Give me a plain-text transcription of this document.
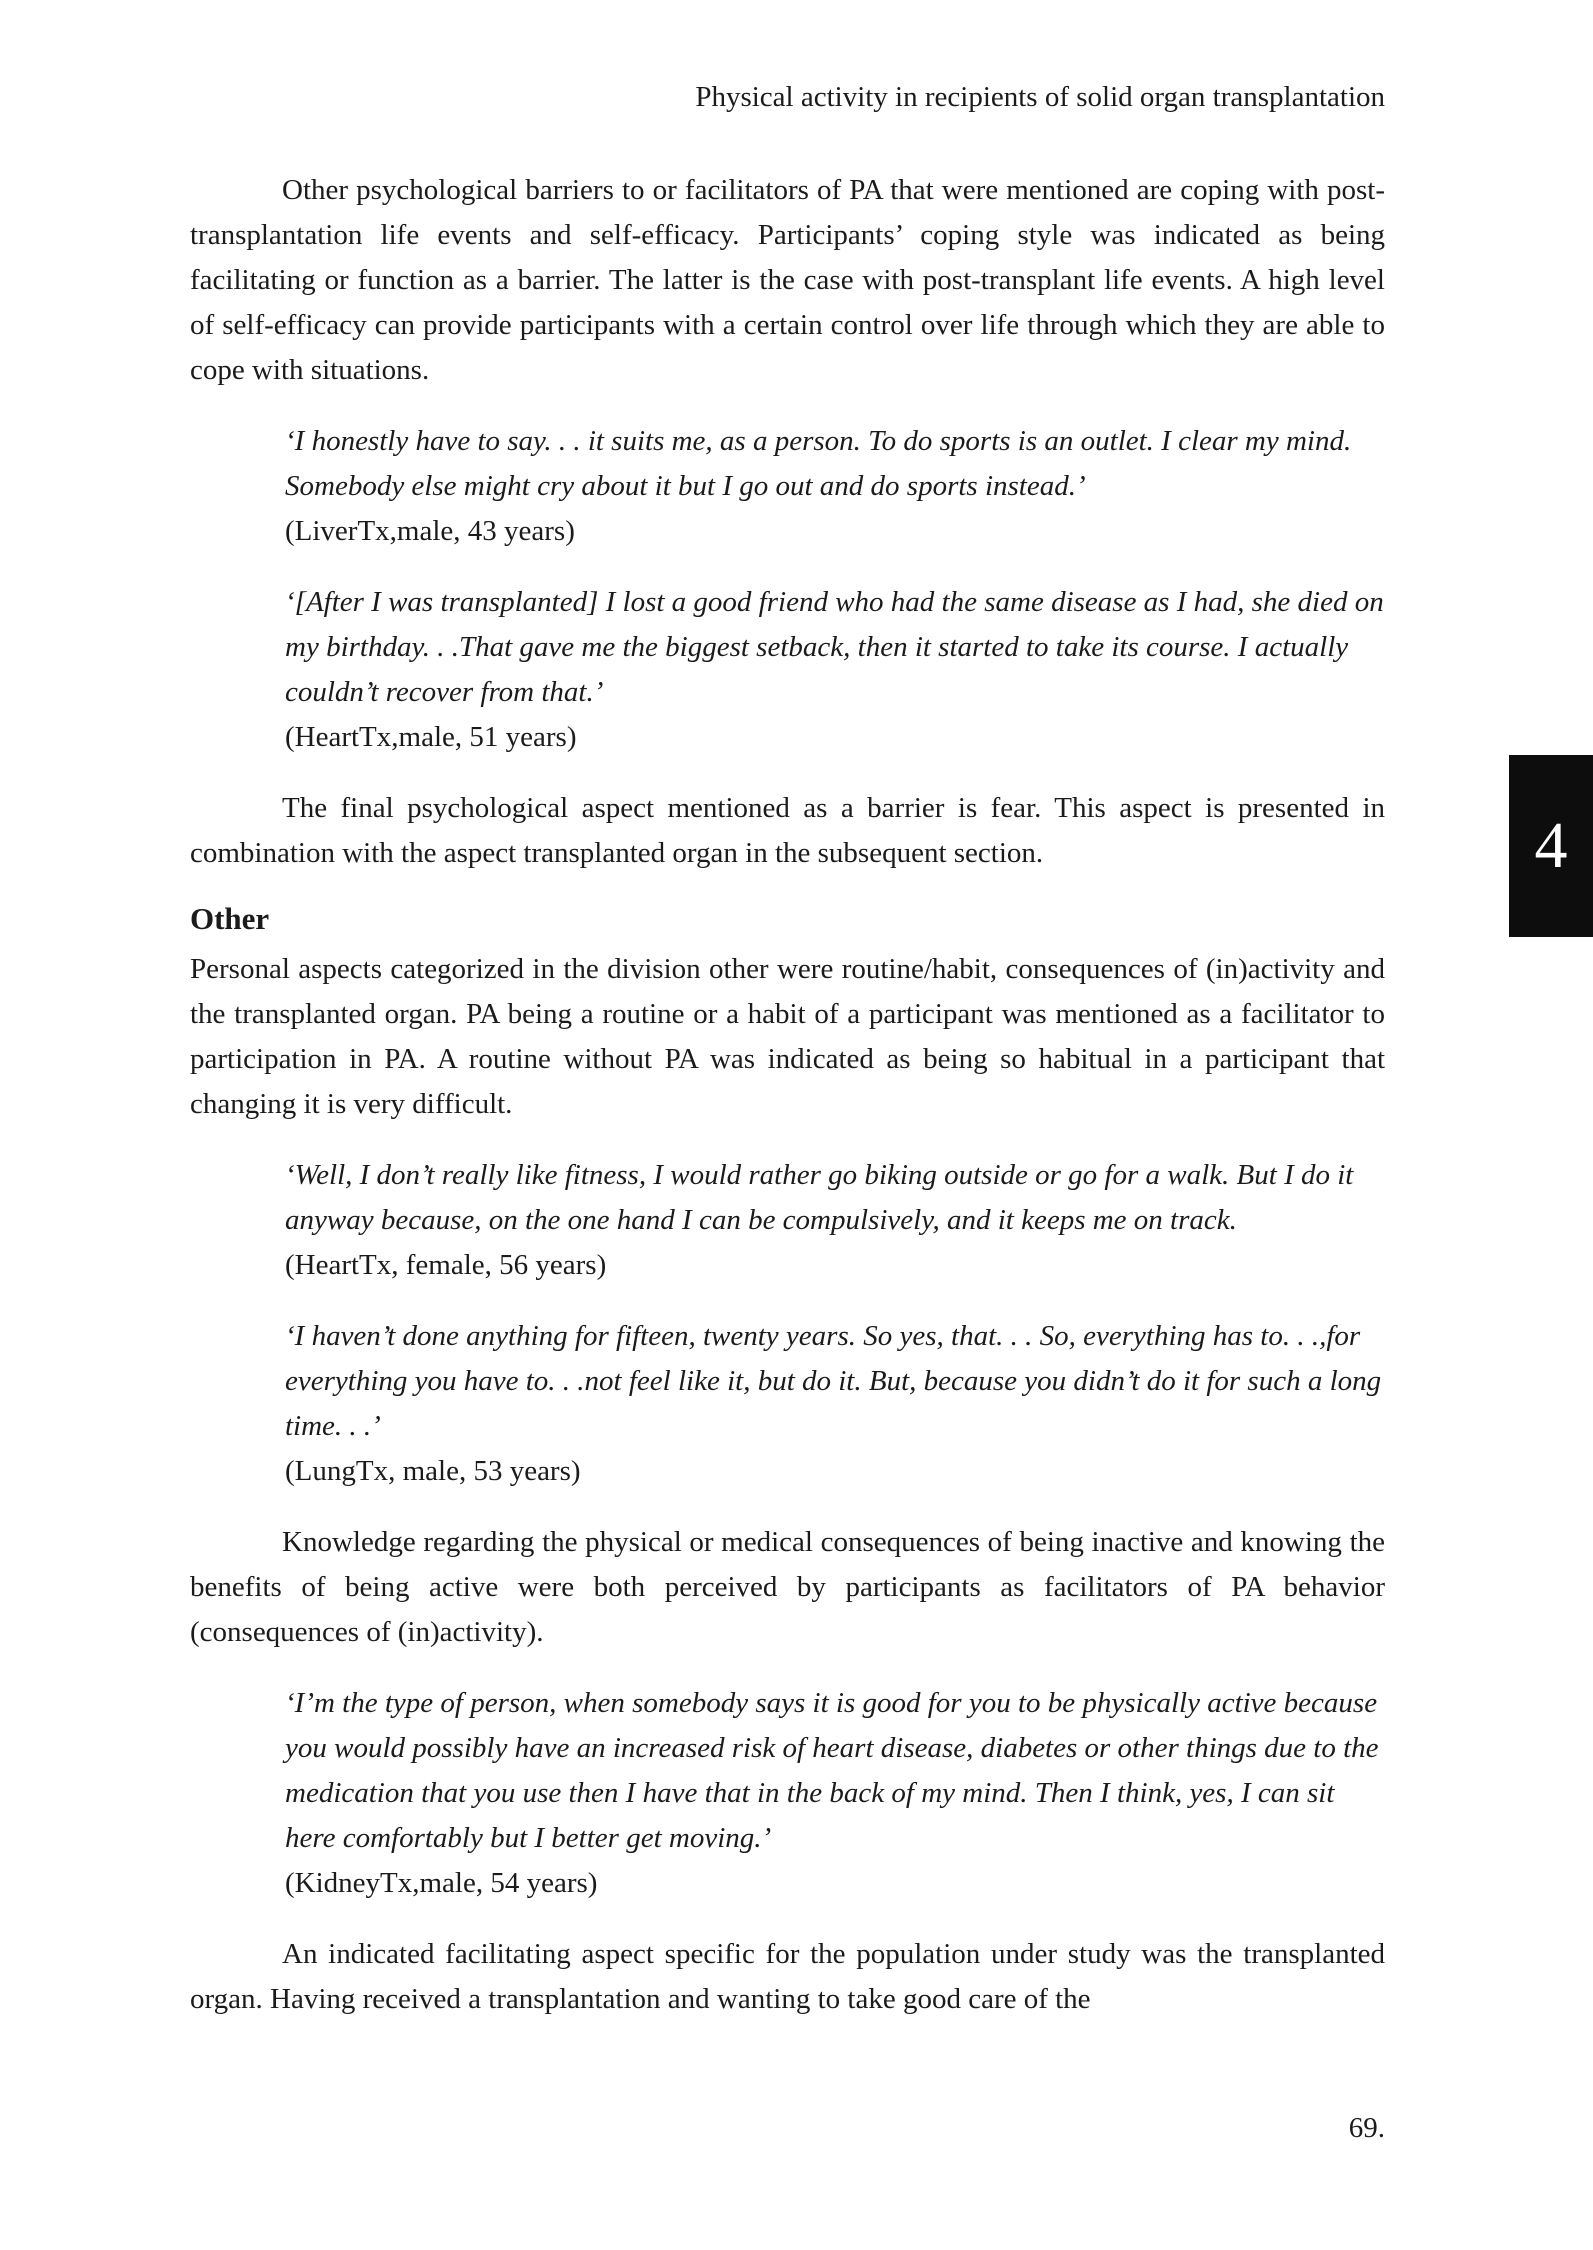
Physical activity in recipients of solid organ transplantation

Other psychological barriers to or facilitators of PA that were mentioned are coping with post-transplantation life events and self-efficacy. Participants’ coping style was indicated as being facilitating or function as a barrier. The latter is the case with post-transplant life events. A high level of self-efficacy can provide participants with a certain control over life through which they are able to cope with situations.

‘I honestly have to say. . . it suits me, as a person. To do sports is an outlet. I clear my mind. Somebody else might cry about it but I go out and do sports instead.’
(LiverTx,male, 43 years)
‘[After I was transplanted] I lost a good friend who had the same disease as I had, she died on my birthday. . .That gave me the biggest setback, then it started to take its course. I actually couldn’t recover from that.’
(HeartTx,male, 51 years)

The final psychological aspect mentioned as a barrier is fear. This aspect is presented in combination with the aspect transplanted organ in the subsequent section.

Other

Personal aspects categorized in the division other were routine/habit, consequences of (in)activity and the transplanted organ. PA being a routine or a habit of a participant was mentioned as a facilitator to participation in PA. A routine without PA was indicated as being so habitual in a participant that changing it is very difficult.

‘Well, I don’t really like fitness, I would rather go biking outside or go for a walk. But I do it anyway because, on the one hand I can be compulsively, and it keeps me on track.
(HeartTx, female, 56 years)
‘I haven’t done anything for fifteen, twenty years. So yes, that. . . So, everything has to. . .,for everything you have to. . .not feel like it, but do it. But, because you didn’t do it for such a long time. . .’
(LungTx, male, 53 years)

Knowledge regarding the physical or medical consequences of being inactive and knowing the benefits of being active were both perceived by participants as facilitators of PA behavior (consequences of (in)activity).

‘I’m the type of person, when somebody says it is good for you to be physically active because you would possibly have an increased risk of heart disease, diabetes or other things due to the medication that you use then I have that in the back of my mind. Then I think, yes, I can sit here comfortably but I better get moving.’
(KidneyTx,male, 54 years)

An indicated facilitating aspect specific for the population under study was the transplanted organ. Having received a transplantation and wanting to take good care of the

4
69.
